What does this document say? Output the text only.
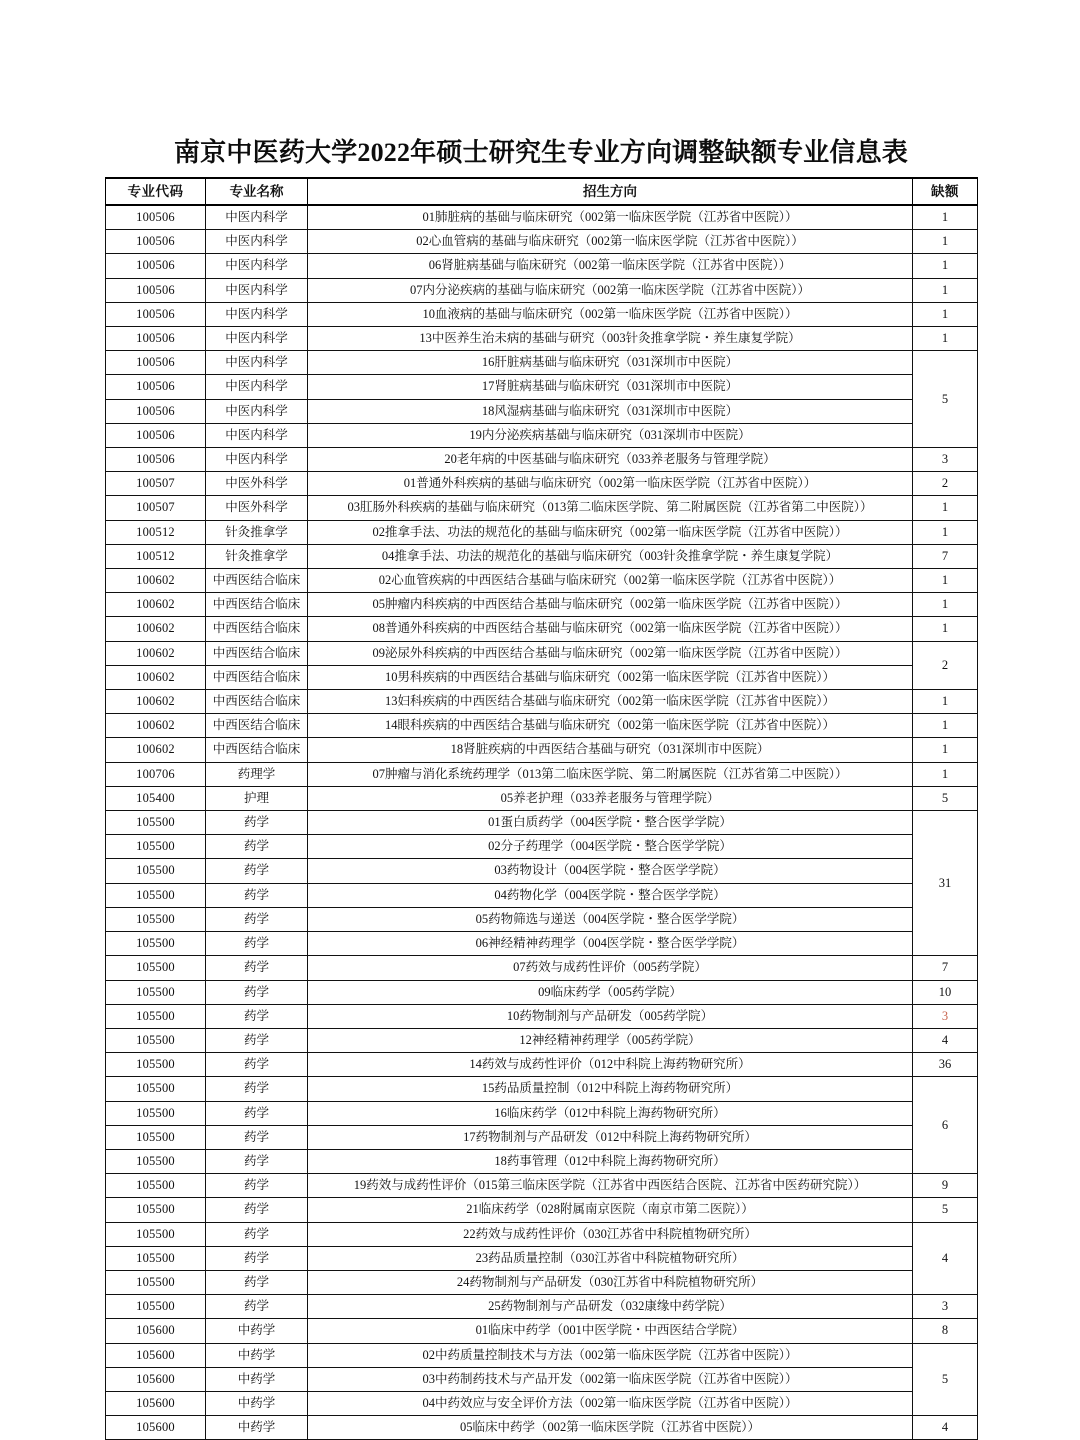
南京中医药大学2022年硕士研究生专业方向调整缺额专业信息表
专业代码	专业名称	招生方向	缺额
100506	中医内科学	01肺脏病的基础与临床研究（002第一临床医学院（江苏省中医院））	1
100506	中医内科学	02心血管病的基础与临床研究（002第一临床医学院（江苏省中医院））	1
100506	中医内科学	06肾脏病基础与临床研究（002第一临床医学院（江苏省中医院））	1
100506	中医内科学	07内分泌疾病的基础与临床研究（002第一临床医学院（江苏省中医院））	1
100506	中医内科学	10血液病的基础与临床研究（002第一临床医学院（江苏省中医院））	1
100506	中医内科学	13中医养生治未病的基础与研究（003针灸推拿学院・养生康复学院）	1
100506	中医内科学	16肝脏病基础与临床研究（031深圳市中医院）	5
100506	中医内科学	17肾脏病基础与临床研究（031深圳市中医院）	
100506	中医内科学	18风湿病基础与临床研究（031深圳市中医院）	
100506	中医内科学	19内分泌疾病基础与临床研究（031深圳市中医院）	
100506	中医内科学	20老年病的中医基础与临床研究（033养老服务与管理学院）	3
100507	中医外科学	01普通外科疾病的基础与临床研究（002第一临床医学院（江苏省中医院））	2
100507	中医外科学	03肛肠外科疾病的基础与临床研究（013第二临床医学院、第二附属医院（江苏省第二中医院））	1
100512	针灸推拿学	02推拿手法、功法的规范化的基础与临床研究（002第一临床医学院（江苏省中医院））	1
100512	针灸推拿学	04推拿手法、功法的规范化的基础与临床研究（003针灸推拿学院・养生康复学院）	7
100602	中西医结合临床	02心血管疾病的中西医结合基础与临床研究（002第一临床医学院（江苏省中医院））	1
100602	中西医结合临床	05肿瘤内科疾病的中西医结合基础与临床研究（002第一临床医学院（江苏省中医院））	1
100602	中西医结合临床	08普通外科疾病的中西医结合基础与临床研究（002第一临床医学院（江苏省中医院））	1
100602	中西医结合临床	09泌尿外科疾病的中西医结合基础与临床研究（002第一临床医学院（江苏省中医院））	2
100602	中西医结合临床	10男科疾病的中西医结合基础与临床研究（002第一临床医学院（江苏省中医院））	
100602	中西医结合临床	13妇科疾病的中西医结合基础与临床研究（002第一临床医学院（江苏省中医院））	1
100602	中西医结合临床	14眼科疾病的中西医结合基础与临床研究（002第一临床医学院（江苏省中医院））	1
100602	中西医结合临床	18肾脏疾病的中西医结合基础与研究（031深圳市中医院）	1
100706	药理学	07肿瘤与消化系统药理学（013第二临床医学院、第二附属医院（江苏省第二中医院））	1
105400	护理	05养老护理（033养老服务与管理学院）	5
105500	药学	01蛋白质药学（004医学院・整合医学学院）	31
105500	药学	02分子药理学（004医学院・整合医学学院）	
105500	药学	03药物设计（004医学院・整合医学学院）	
105500	药学	04药物化学（004医学院・整合医学学院）	
105500	药学	05药物筛选与递送（004医学院・整合医学学院）	
105500	药学	06神经精神药理学（004医学院・整合医学学院）	
105500	药学	07药效与成药性评价（005药学院）	7
105500	药学	09临床药学（005药学院）	10
105500	药学	10药物制剂与产品研发（005药学院）	3
105500	药学	12神经精神药理学（005药学院）	4
105500	药学	14药效与成药性评价（012中科院上海药物研究所）	36
105500	药学	15药品质量控制（012中科院上海药物研究所）	6
105500	药学	16临床药学（012中科院上海药物研究所）	
105500	药学	17药物制剂与产品研发（012中科院上海药物研究所）	
105500	药学	18药事管理（012中科院上海药物研究所）	
105500	药学	19药效与成药性评价（015第三临床医学院（江苏省中西医结合医院、江苏省中医药研究院））	9
105500	药学	21临床药学（028附属南京医院（南京市第二医院））	5
105500	药学	22药效与成药性评价（030江苏省中科院植物研究所）	4
105500	药学	23药品质量控制（030江苏省中科院植物研究所）	
105500	药学	24药物制剂与产品研发（030江苏省中科院植物研究所）	
105500	药学	25药物制剂与产品研发（032康缘中药学院）	3
105600	中药学	01临床中药学（001中医学院・中西医结合学院）	8
105600	中药学	02中药质量控制技术与方法（002第一临床医学院（江苏省中医院））	5
105600	中药学	03中药制药技术与产品开发（002第一临床医学院（江苏省中医院））	
105600	中药学	04中药效应与安全评价方法（002第一临床医学院（江苏省中医院））	
105600	中药学	05临床中药学（002第一临床医学院（江苏省中医院））	4
